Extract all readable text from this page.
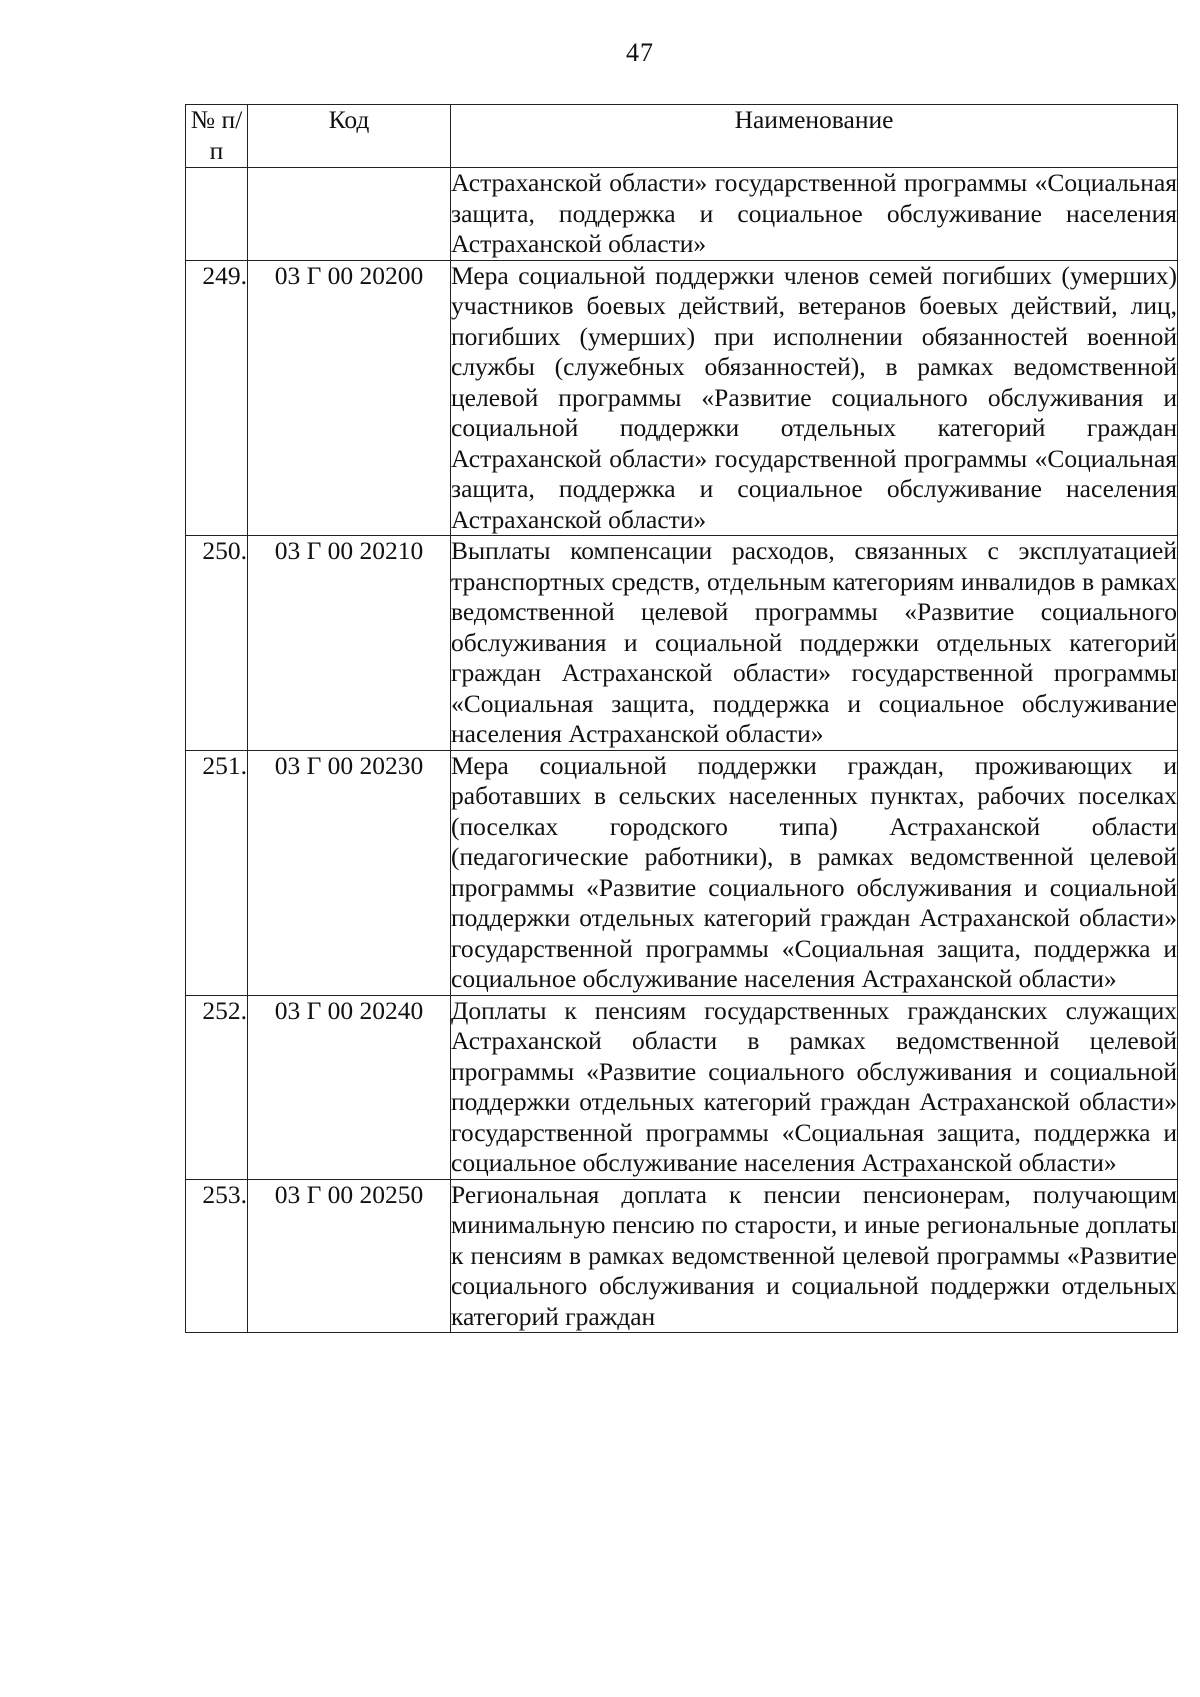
47
№ п/п	Код	Наименование
		Астраханской области» государственной программы «Социальная защита, поддержка и социальное обслуживание населения Астраханской области»
249.	03 Г 00 20200	Мера социальной поддержки членов семей погибших (умерших) участников боевых действий, ветеранов боевых действий, лиц, погибших (умерших) при исполнении обязанностей военной службы (служебных обязанностей), в рамках ведомственной целевой программы «Развитие социального обслуживания и социальной поддержки отдельных категорий граждан Астраханской области» государственной программы «Социальная защита, поддержка и социальное обслуживание населения Астраханской области»
250.	03 Г 00 20210	Выплаты компенсации расходов, связанных с эксплуатацией транспортных средств, отдельным категориям инвалидов в рамках ведомственной целевой программы «Развитие социального обслуживания и социальной поддержки отдельных категорий граждан Астраханской области» государственной программы «Социальная защита, поддержка и социальное обслуживание населения Астраханской области»
251.	03 Г 00 20230	Мера социальной поддержки граждан, проживающих и работавших в сельских населенных пунктах, рабочих поселках (поселках городского типа) Астраханской области (педагогические работники), в рамках ведомственной целевой программы «Развитие социального обслуживания и социальной поддержки отдельных категорий граждан Астраханской области» государственной программы «Социальная защита, поддержка и социальное обслуживание населения Астраханской области»
252.	03 Г 00 20240	Доплаты к пенсиям государственных гражданских служащих Астраханской области в рамках ведомственной целевой программы «Развитие социального обслуживания и социальной поддержки отдельных категорий граждан Астраханской области» государственной программы «Социальная защита, поддержка и социальное обслуживание населения Астраханской области»
253.	03 Г 00 20250	Региональная доплата к пенсии пенсионерам, получающим минимальную пенсию по старости, и иные региональные доплаты к пенсиям в рамках ведомственной целевой программы «Развитие социального обслуживания и социальной поддержки отдельных категорий граждан
